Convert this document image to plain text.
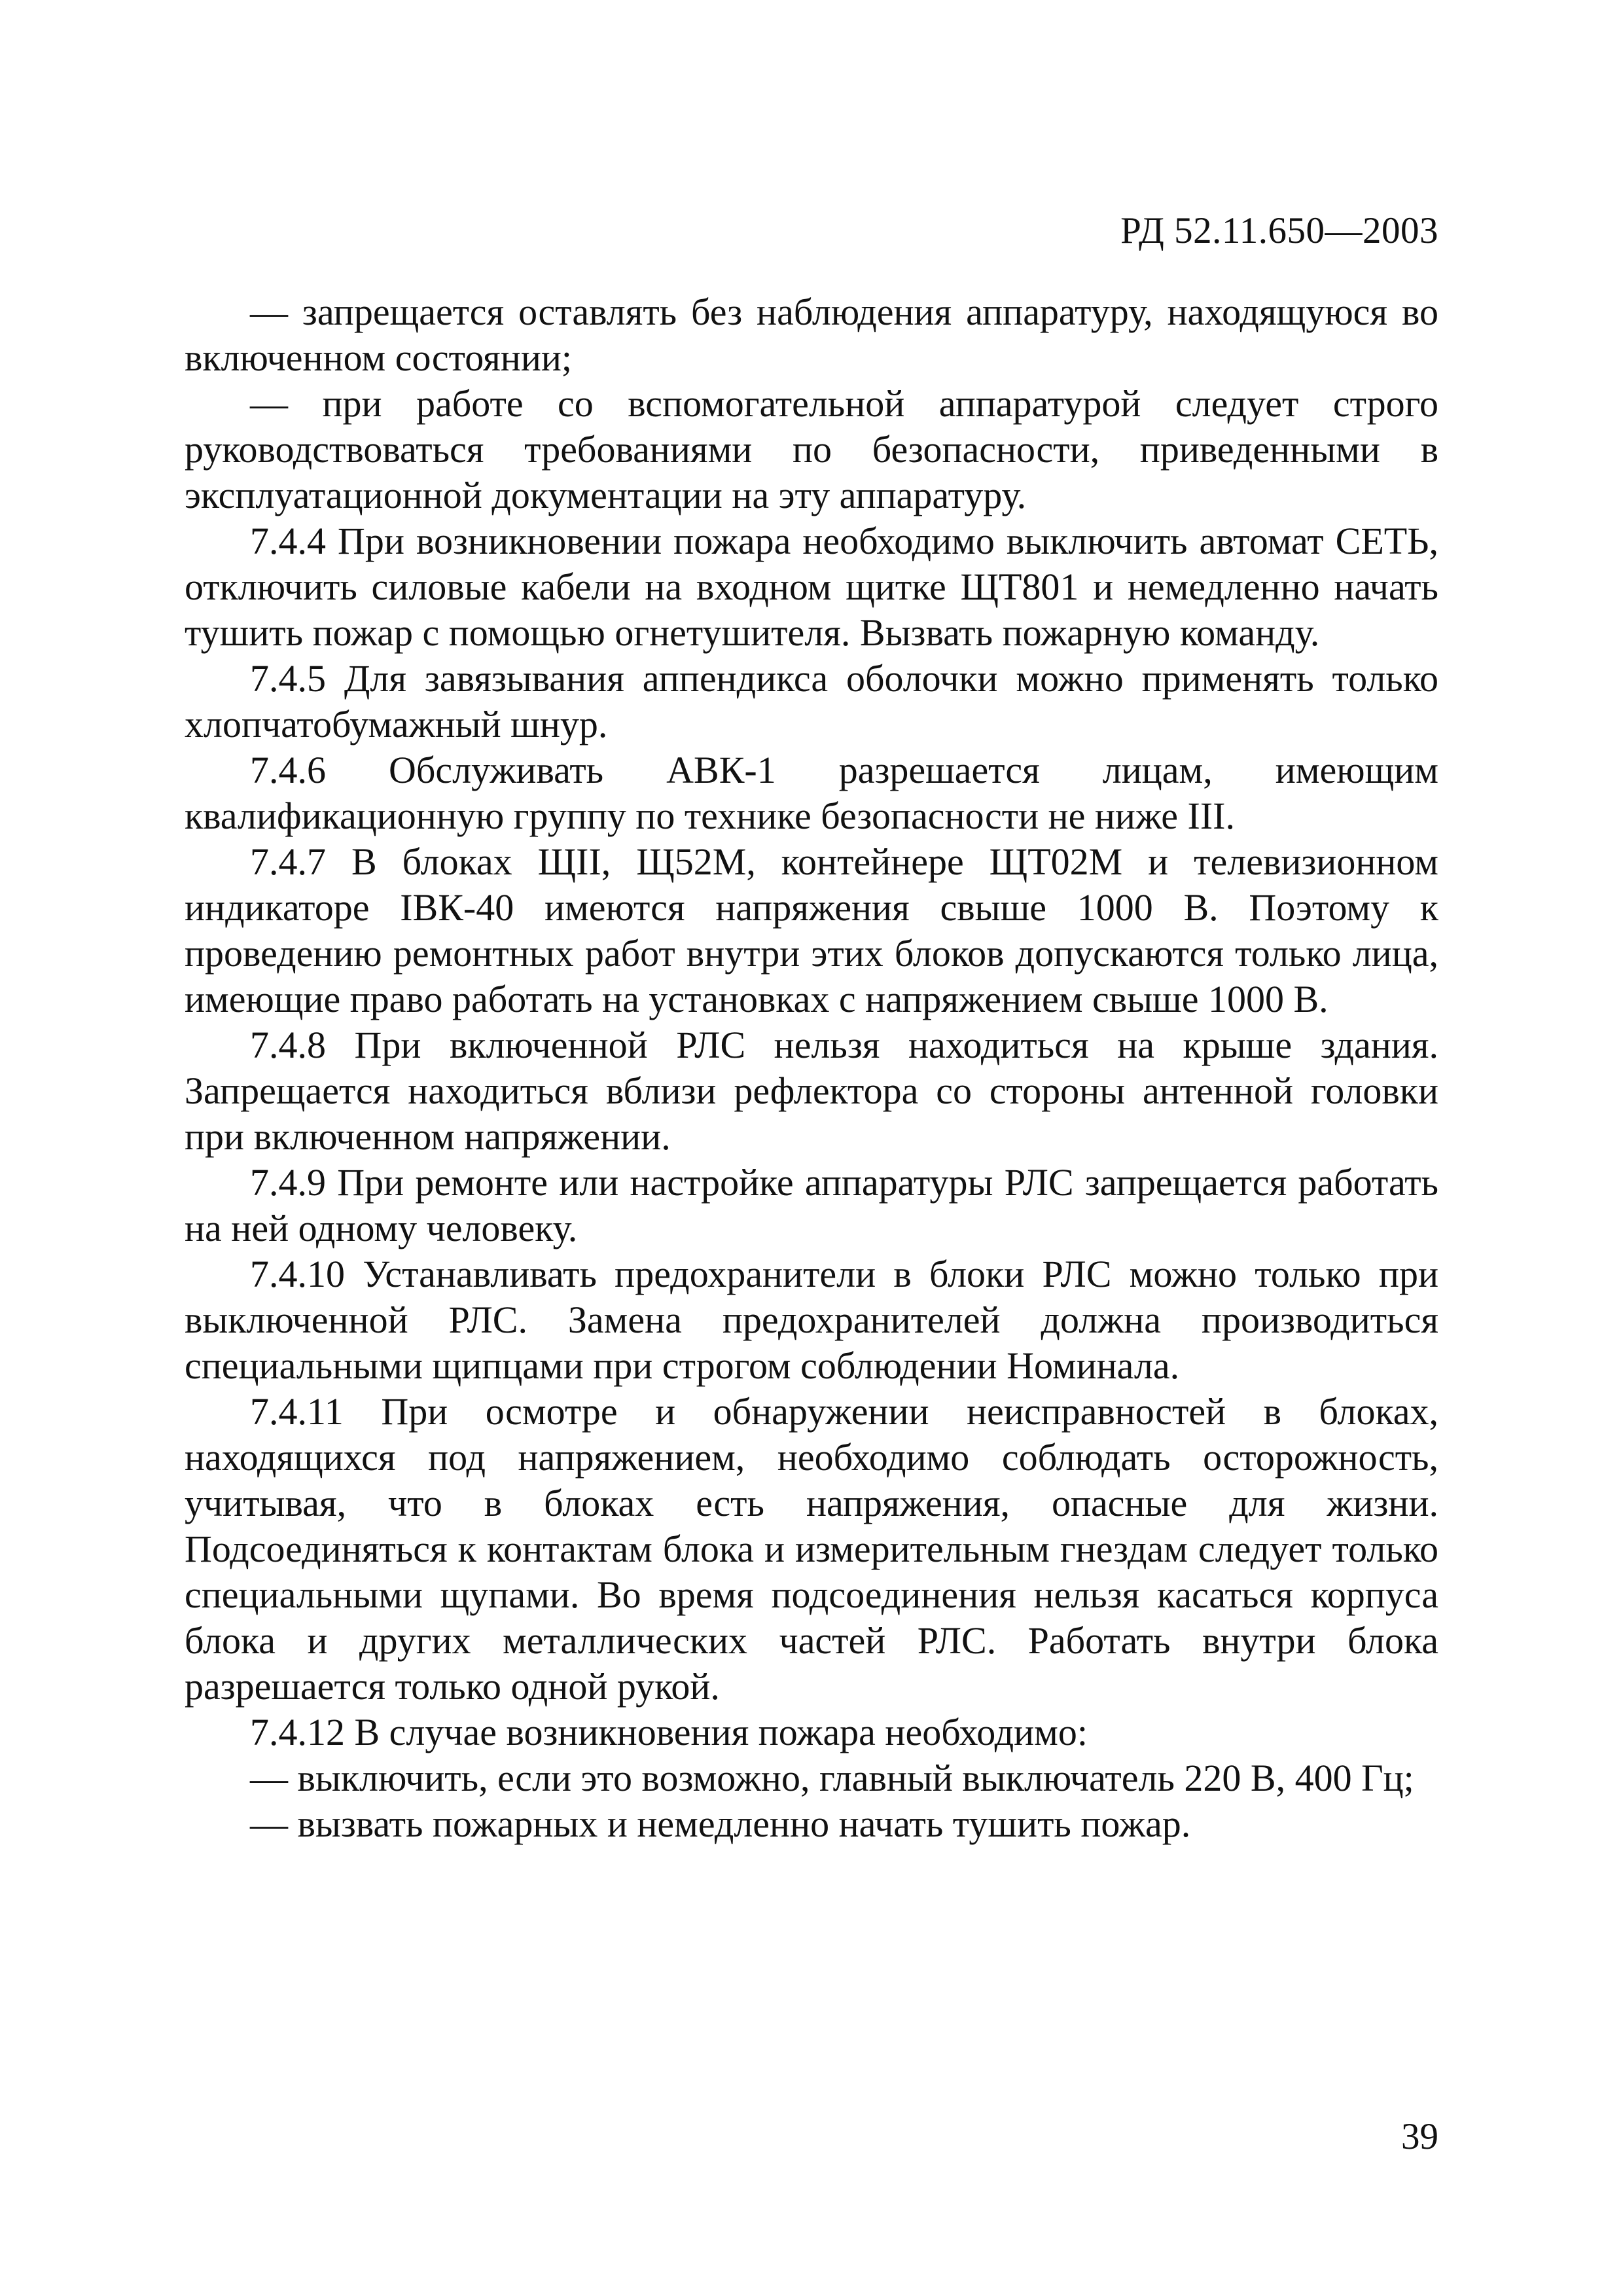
РД 52.11.650—2003

— запрещается оставлять без наблюдения аппаратуру, находящуюся во включенном состоянии;

— при работе со вспомогательной аппаратурой следует строго руководствоваться требованиями по безопасности, приведенными в эксплуатационной документации на эту аппаратуру.

7.4.4 При возникновении пожара необходимо выключить автомат СЕТЬ, отключить силовые кабели на входном щитке ЩТ801 и немедленно начать тушить пожар с помощью огнетушителя. Вызвать пожарную команду.

7.4.5 Для завязывания аппендикса оболочки можно применять только хлопчатобумажный шнур.

7.4.6 Обслуживать АВК-1 разрешается лицам, имеющим квалификационную группу по технике безопасности не ниже III.

7.4.7 В блоках ЩII, Щ52М, контейнере ЩТ02М и телевизионном индикаторе IВК-40 имеются напряжения свыше 1000 В. Поэтому к проведению ремонтных работ внутри этих блоков допускаются только лица, имеющие право работать на установках с напряжением свыше 1000 В.

7.4.8 При включенной РЛС нельзя находиться на крыше здания. Запрещается находиться вблизи рефлектора со стороны антенной головки при включенном напряжении.

7.4.9 При ремонте или настройке аппаратуры РЛС запрещается работать на ней одному человеку.

7.4.10 Устанавливать предохранители в блоки РЛС можно только при выключенной РЛС. Замена предохранителей должна производиться специальными щипцами при строгом соблюдении Номинала.

7.4.11 При осмотре и обнаружении неисправностей в блоках, находящихся под напряжением, необходимо соблюдать осторожность, учитывая, что в блоках есть напряжения, опасные для жизни. Подсоединяться к контактам блока и измерительным гнездам следует только специальными щупами. Во время подсоединения нельзя касаться корпуса блока и других металлических частей РЛС. Работать внутри блока разрешается только одной рукой.

7.4.12 В случае возникновения пожара необходимо:

— выключить, если это возможно, главный выключатель 220 В, 400 Гц;

— вызвать пожарных и немедленно начать тушить пожар.

39
